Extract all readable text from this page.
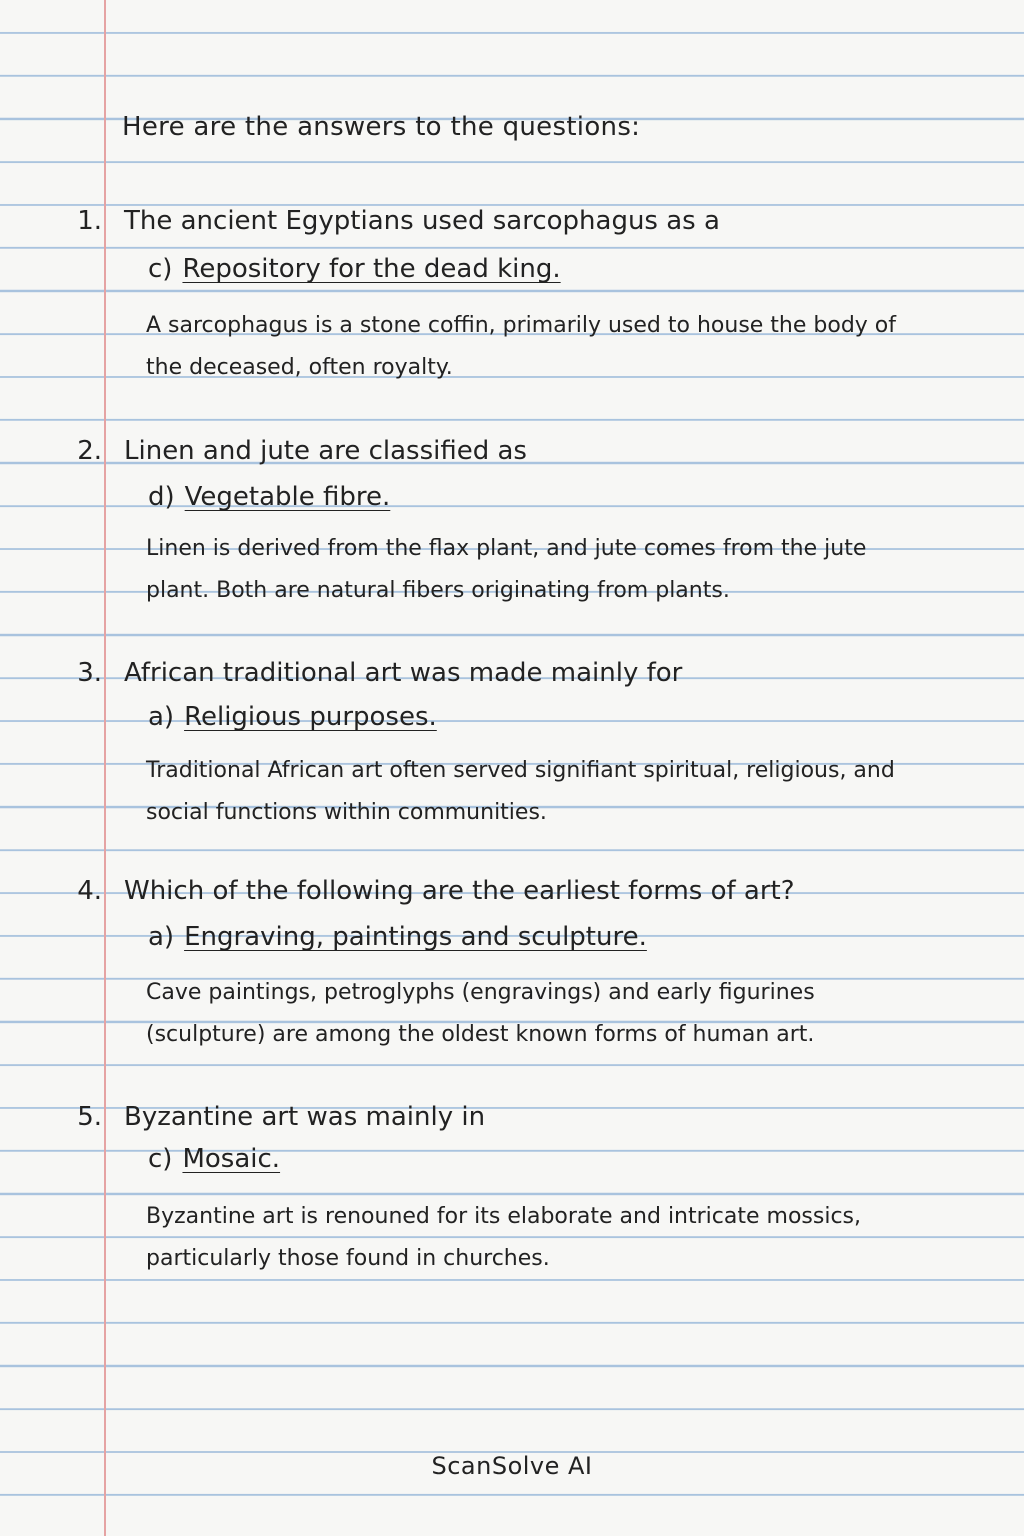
Here are the answers to the questions:
1. The ancient Egyptians used sarcophagus as a
c) Repository for the dead king.
A sarcophagus is a stone coffin, primarily used to house the body of the deceased, often royalty.
2. Linen and jute are classified as
d) Vegetable fibre.
Linen is derived from the flax plant, and jute comes from the jute plant. Both are natural fibers originating from plants.
3. African traditional art was made mainly for
a) Religious purposes.
Traditional African art often served signifiant spiritual, religious, and social functions within communities.
4. Which of the following are the earliest forms of art?
a) Engraving, paintings and sculpture.
Cave paintings, petroglyphs (engravings) and early figurines (sculpture) are among the oldest known forms of human art.
5. Byzantine art was mainly in
c) Mosaic.
Byzantine art is renouned for its elaborate and intricate mossics, particularly those found in churches.
ScanSolve AI
